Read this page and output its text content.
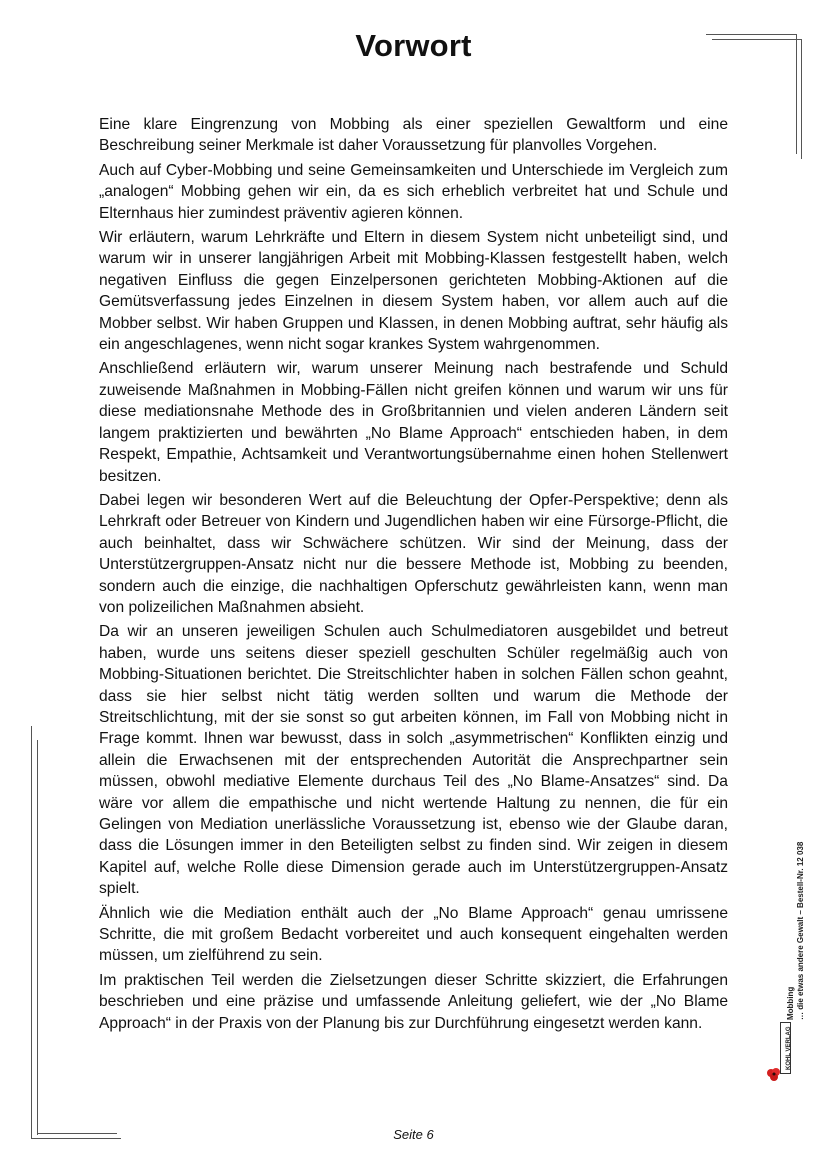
Vorwort

Eine klare Eingrenzung von Mobbing als einer speziellen Gewaltform und eine Beschreibung seiner Merkmale ist daher Voraussetzung für planvolles Vorgehen.

Auch auf Cyber-Mobbing und seine Gemeinsamkeiten und Unterschiede im Vergleich zum „analogen“ Mobbing gehen wir ein, da es sich erheblich verbreitet hat und Schule und Elternhaus hier zumindest präventiv agieren können.

Wir erläutern, warum Lehrkräfte und Eltern in diesem System nicht unbeteiligt sind, und warum wir in unserer langjährigen Arbeit mit Mobbing-Klassen festgestellt haben, welch negativen Einfluss die gegen Einzelpersonen gerichteten Mobbing-Aktionen auf die Gemütsverfassung jedes Einzelnen in diesem System haben, vor allem auch auf die Mobber selbst. Wir haben Gruppen und Klassen, in denen Mobbing auftrat, sehr häufig als ein angeschlagenes, wenn nicht sogar krankes System wahrgenommen.

Anschließend erläutern wir, warum unserer Meinung nach bestrafende und Schuld zuweisende Maßnahmen in Mobbing-Fällen nicht greifen können und warum wir uns für diese mediationsnahe Methode des in Großbritannien und vielen anderen Ländern seit langem praktizierten und bewährten „No Blame Approach“ entschieden haben, in dem Respekt, Empathie, Achtsamkeit und Verantwortungsübernahme einen hohen Stellenwert besitzen.

Dabei legen wir besonderen Wert auf die Beleuchtung der Opfer-Perspektive; denn als Lehrkraft oder Betreuer von Kindern und Jugendlichen haben wir eine Fürsorge-Pflicht, die auch beinhaltet, dass wir Schwächere schützen. Wir sind der Meinung, dass der Unterstützergruppen-Ansatz nicht nur die bessere Methode ist, Mobbing zu beenden, sondern auch die einzige, die nachhaltigen Opferschutz gewährleisten kann, wenn man von polizeilichen Maßnahmen absieht.

Da wir an unseren jeweiligen Schulen auch Schulmediatoren ausgebildet und betreut haben, wurde uns seitens dieser speziell geschulten Schüler regelmäßig auch von Mobbing-Situationen berichtet. Die Streitschlichter haben in solchen Fällen schon geahnt, dass sie hier selbst nicht tätig werden sollten und warum die Methode der Streitschlichtung, mit der sie sonst so gut arbeiten können, im Fall von Mobbing nicht in Frage kommt. Ihnen war bewusst, dass in solch „asymmetrischen“ Konflikten einzig und allein die Erwachsenen mit der entsprechenden Autorität die Ansprechpartner sein müssen, obwohl mediative Elemente durchaus Teil des „No Blame-Ansatzes“ sind. Da wäre vor allem die empathische und nicht wertende Haltung zu nennen, die für ein Gelingen von Mediation unerlässliche Voraussetzung ist, ebenso wie der Glaube daran, dass die Lösungen immer in den Beteiligten selbst zu finden sind. Wir zeigen in diesem Kapitel auf, welche Rolle diese Dimension gerade auch im Unterstützergruppen-Ansatz spielt.

Ähnlich wie die Mediation enthält auch der „No Blame Approach“ genau umrissene Schritte, die mit großem Bedacht vorbereitet und auch konsequent eingehalten werden müssen, um zielführend zu sein.

Im praktischen Teil werden die Zielsetzungen dieser Schritte skizziert, die Erfahrungen beschrieben und eine präzise und umfassende Anleitung geliefert, wie der „No Blame Approach“ in der Praxis von der Planung bis zur Durchführung eingesetzt werden kann.

Mobbing … die etwas andere Gewalt – Bestell-Nr. 12 038
KOHL VERLAG
Seite 6
